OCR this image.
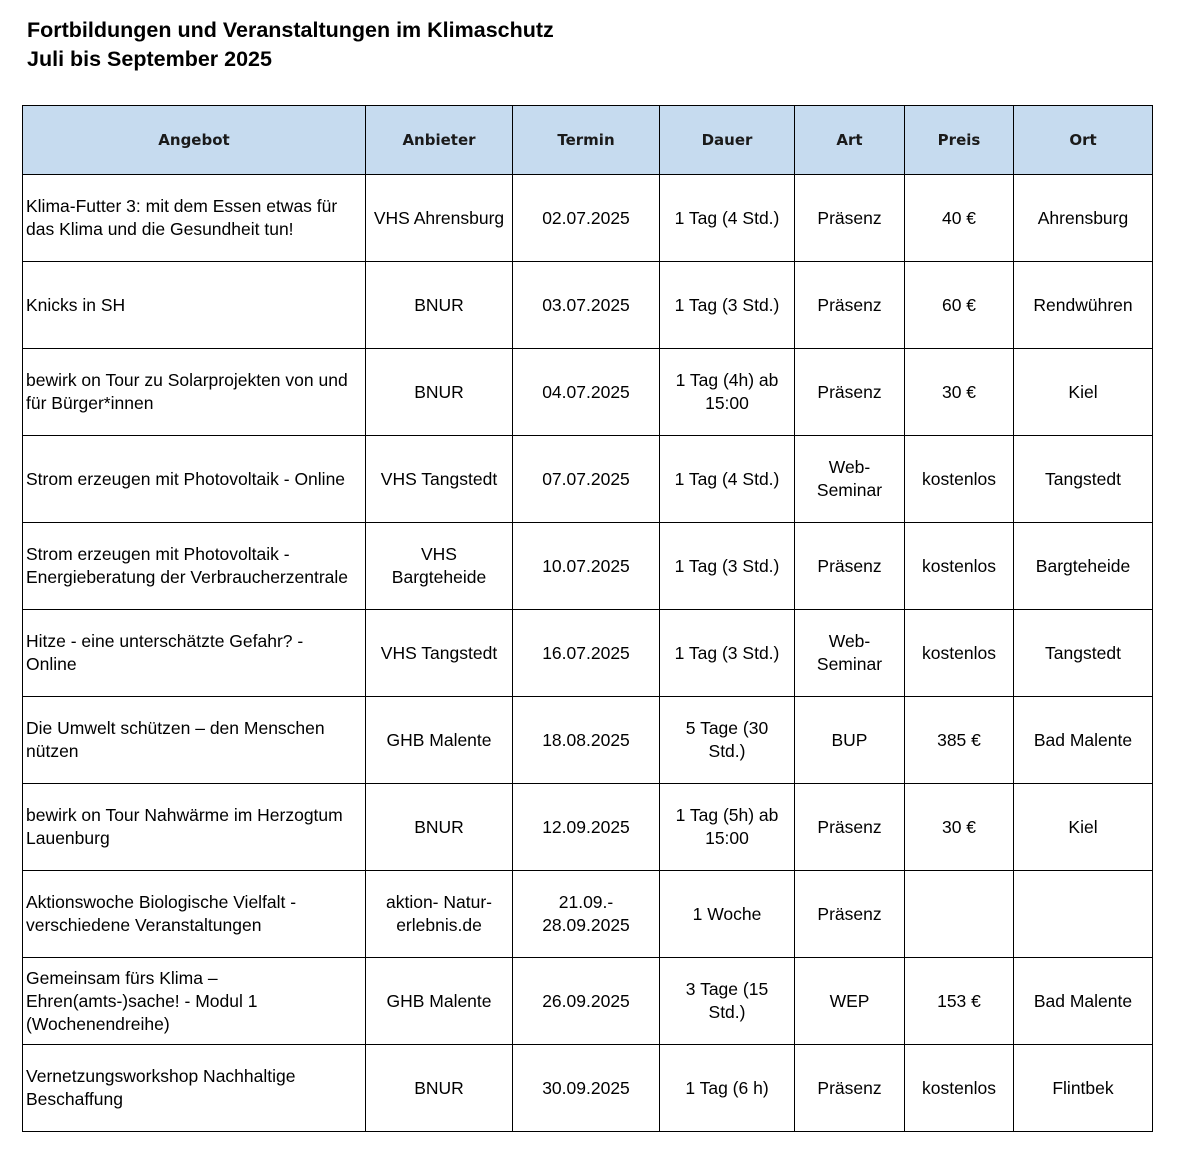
Fortbildungen und Veranstaltungen im Klimaschutz

Juli bis September 2025

Angebot	Anbieter	Termin	Dauer	Art	Preis	Ort
Klima-Futter 3: mit dem Essen etwas für das Klima und die Gesundheit tun!	VHS Ahrensburg	02.07.2025	1 Tag (4 Std.)	Präsenz	40 €	Ahrensburg
Knicks in SH	BNUR	03.07.2025	1 Tag (3 Std.)	Präsenz	60 €	Rendwühren
bewirk on Tour zu Solarprojekten von und für Bürger*innen	BNUR	04.07.2025	1 Tag (4h) ab 15:00	Präsenz	30 €	Kiel
Strom erzeugen mit Photovoltaik - Online	VHS Tangstedt	07.07.2025	1 Tag (4 Std.)	Web-Seminar	kostenlos	Tangstedt
Strom erzeugen mit Photovoltaik - Energieberatung der Verbraucherzentrale	VHS Bargteheide	10.07.2025	1 Tag (3 Std.)	Präsenz	kostenlos	Bargteheide
Hitze - eine unterschätzte Gefahr? - Online	VHS Tangstedt	16.07.2025	1 Tag (3 Std.)	Web-Seminar	kostenlos	Tangstedt
Die Umwelt schützen – den Menschen nützen	GHB Malente	18.08.2025	5 Tage (30 Std.)	BUP	385 €	Bad Malente
bewirk on Tour Nahwärme im Herzogtum Lauenburg	BNUR	12.09.2025	1 Tag (5h) ab 15:00	Präsenz	30 €	Kiel
Aktionswoche Biologische Vielfalt - verschiedene Veranstaltungen	aktion- Natur-erlebnis.de	21.09.- 28.09.2025	1 Woche	Präsenz		
Gemeinsam fürs Klima – Ehren(amts-)sache! - Modul 1 (Wochenendreihe)	GHB Malente	26.09.2025	3 Tage (15 Std.)	WEP	153 €	Bad Malente
Vernetzungsworkshop Nachhaltige Beschaffung	BNUR	30.09.2025	1 Tag (6 h)	Präsenz	kostenlos	Flintbek
